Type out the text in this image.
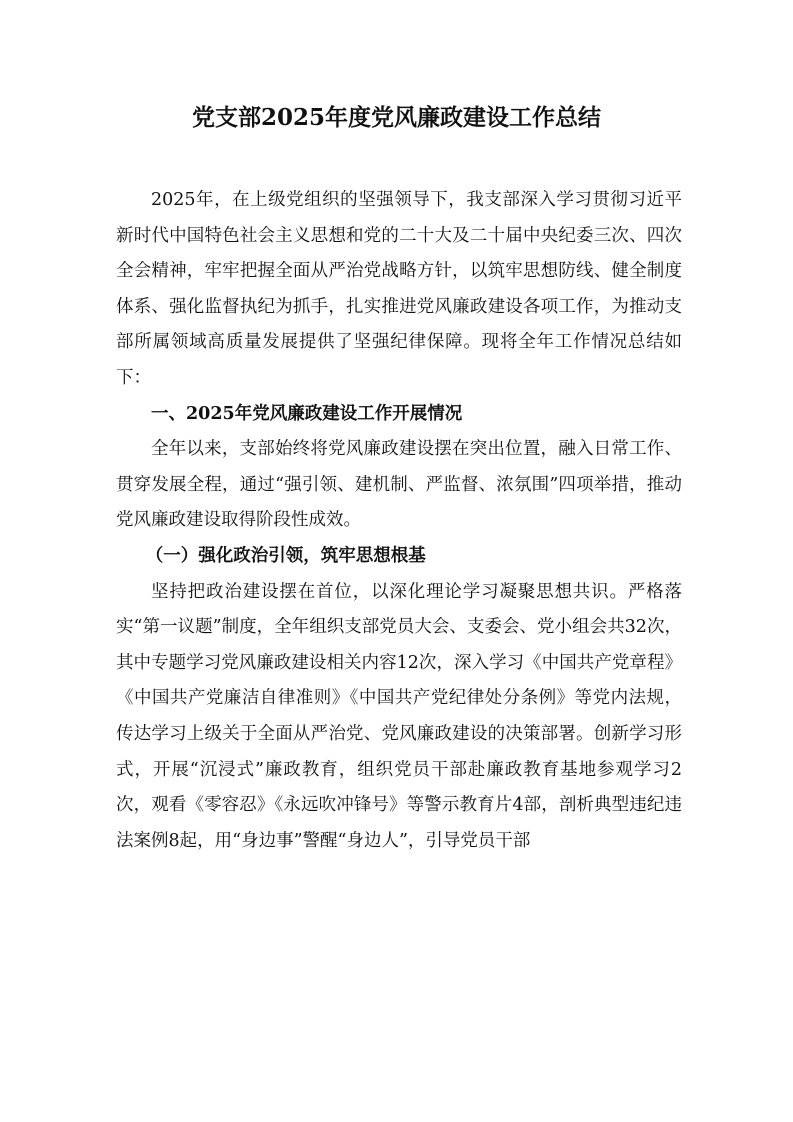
党支部2025年度党风廉政建设工作总结

2025年，在上级党组织的坚强领导下，我支部深入学习贯彻习近平新时代中国特色社会主义思想和党的二十大及二十届中央纪委三次、四次全会精神，牢牢把握全面从严治党战略方针，以筑牢思想防线、健全制度体系、强化监督执纪为抓手，扎实推进党风廉政建设各项工作，为推动支部所属领域高质量发展提供了坚强纪律保障。现将全年工作情况总结如下：

一、2025年党风廉政建设工作开展情况

全年以来，支部始终将党风廉政建设摆在突出位置，融入日常工作、贯穿发展全程，通过“强引领、建机制、严监督、浓氛围”四项举措，推动党风廉政建设取得阶段性成效。

（一）强化政治引领，筑牢思想根基

坚持把政治建设摆在首位，以深化理论学习凝聚思想共识。严格落实“第一议题”制度，全年组织支部党员大会、支委会、党小组会共32次，其中专题学习党风廉政建设相关内容12次，深入学习《中国共产党章程》《中国共产党廉洁自律准则》《中国共产党纪律处分条例》等党内法规，传达学习上级关于全面从严治党、党风廉政建设的决策部署。创新学习形式，开展“沉浸式”廉政教育，组织党员干部赴廉政教育基地参观学习2次，观看《零容忍》《永远吹冲锋号》等警示教育片4部，剖析典型违纪违法案例8起，用“身边事”警醒“身边人”，引导党员干部
